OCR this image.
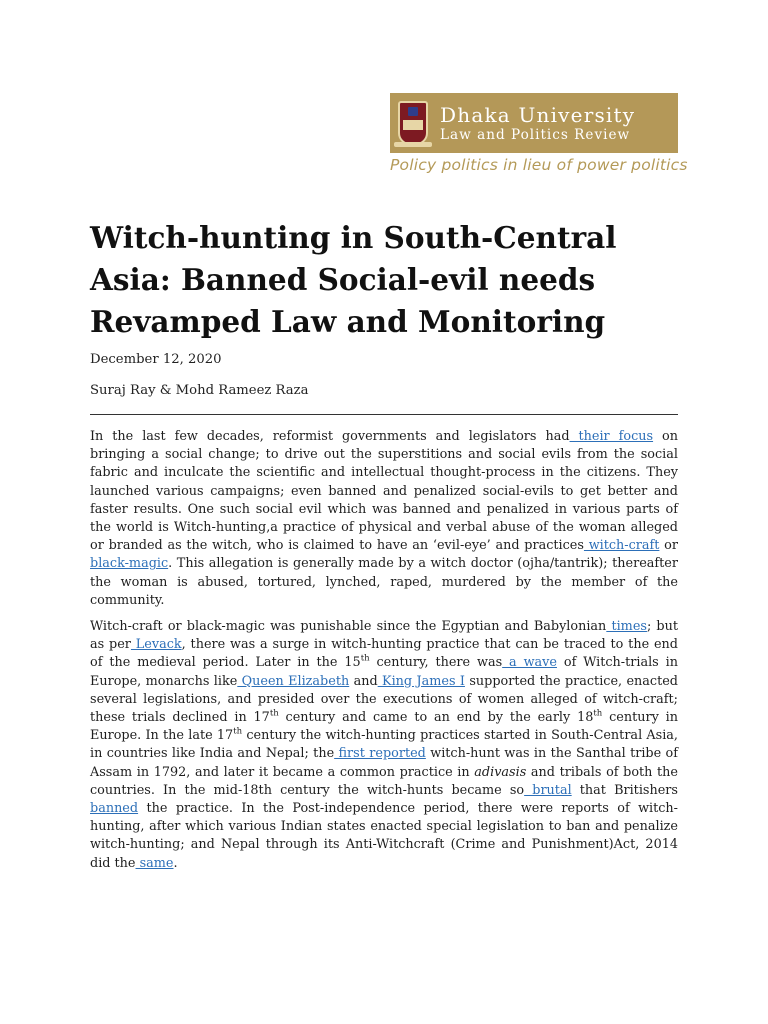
Dhaka University
Law and Politics Review
Policy politics in lieu of power politics
Witch-hunting in South-Central Asia: Banned Social-evil needs Revamped Law and Monitoring
December 12, 2020
Suraj Ray & Mohd Rameez Raza

In the last few decades, reformist governments and legislators had their focus on bringing a social change; to drive out the superstitions and social evils from the social fabric and inculcate the scientific and intellectual thought-process in the citizens. They launched various campaigns; even banned and penalized social-evils to get better and faster results. One such social evil which was banned and penalized in various parts of the world is Witch-hunting,a practice of physical and verbal abuse of the woman alleged or branded as the witch, who is claimed to have an ‘evil-eye’ and practices witch-craft or black-magic. This allegation is generally made by a witch doctor (ojha/tantrik); thereafter the woman is abused, tortured, lynched, raped, murdered by the member of the community.

Witch-craft or black-magic was punishable since the Egyptian and Babylonian times; but as per Levack, there was a surge in witch-hunting practice that can be traced to the end of the medieval period. Later in the 15th century, there was a wave of Witch-trials in Europe, monarchs like Queen Elizabeth and King James I supported the practice, enacted several legislations, and presided over the executions of women alleged of witch-craft; these trials declined in 17th century and came to an end by the early 18th century in Europe. In the late 17th century the witch-hunting practices started in South-Central Asia, in countries like India and Nepal; the first reported witch-hunt was in the Santhal tribe of Assam in 1792, and later it became a common practice in adivasis and tribals of both the countries. In the mid-18th century the witch-hunts became so brutal that Britishers banned the practice. In the Post-independence period, there were reports of witch-hunting, after which various Indian states enacted special legislation to ban and penalize witch-hunting; and Nepal through its Anti-Witchcraft (Crime and Punishment)Act, 2014 did the same.
